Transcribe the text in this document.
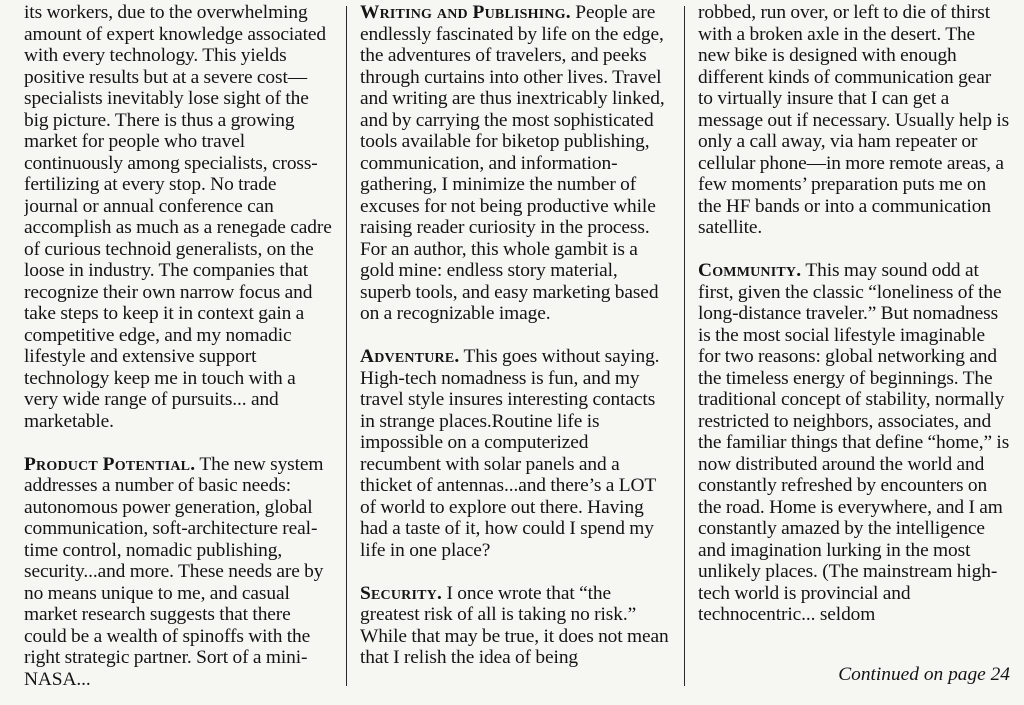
its workers, due to the overwhelming amount of expert knowledge associated with every technology. This yields positive results but at a severe cost—specialists inevitably lose sight of the big picture. There is thus a growing market for people who travel continuously among specialists, cross-fertilizing at every stop. No trade journal or annual conference can accomplish as much as a renegade cadre of curious technoid generalists, on the loose in industry. The companies that recognize their own narrow focus and take steps to keep it in context gain a competitive edge, and my nomadic lifestyle and extensive support technology keep me in touch with a very wide range of pursuits... and marketable.

Product Potential. The new system addresses a number of basic needs: autonomous power generation, global communication, soft-architecture real-time control, nomadic publishing, security...and more. These needs are by no means unique to me, and casual market research suggests that there could be a wealth of spinoffs with the right strategic partner. Sort of a mini-NASA...

Writing and Publishing. People are endlessly fascinated by life on the edge, the adventures of travelers, and peeks through curtains into other lives. Travel and writing are thus inextricably linked, and by carrying the most sophisticated tools available for biketop publishing, communication, and information-gathering, I minimize the number of excuses for not being productive while raising reader curiosity in the process. For an author, this whole gambit is a gold mine: endless story material, superb tools, and easy marketing based on a recognizable image.

Adventure. This goes without saying. High-tech nomadness is fun, and my travel style insures interesting contacts in strange places.Routine life is impossible on a computerized recumbent with solar panels and a thicket of antennas...and there’s a LOT of world to explore out there. Having had a taste of it, how could I spend my life in one place?

Security. I once wrote that “the greatest risk of all is taking no risk.” While that may be true, it does not mean that I relish the idea of being

robbed, run over, or left to die of thirst with a broken axle in the desert. The new bike is designed with enough different kinds of communication gear to virtually insure that I can get a message out if necessary. Usually help is only a call away, via ham repeater or cellular phone—in more remote areas, a few moments’ preparation puts me on the HF bands or into a communication satellite.

Community. This may sound odd at first, given the classic “loneliness of the long-distance traveler.” But nomadness is the most social lifestyle imaginable for two reasons: global networking and the timeless energy of beginnings. The traditional concept of stability, normally restricted to neighbors, associates, and the familiar things that define “home,” is now distributed around the world and constantly refreshed by encounters on the road. Home is everywhere, and I am constantly amazed by the intelligence and imagination lurking in the most unlikely places. (The mainstream high-tech world is provincial and technocentric... seldom

Continued on page 24
